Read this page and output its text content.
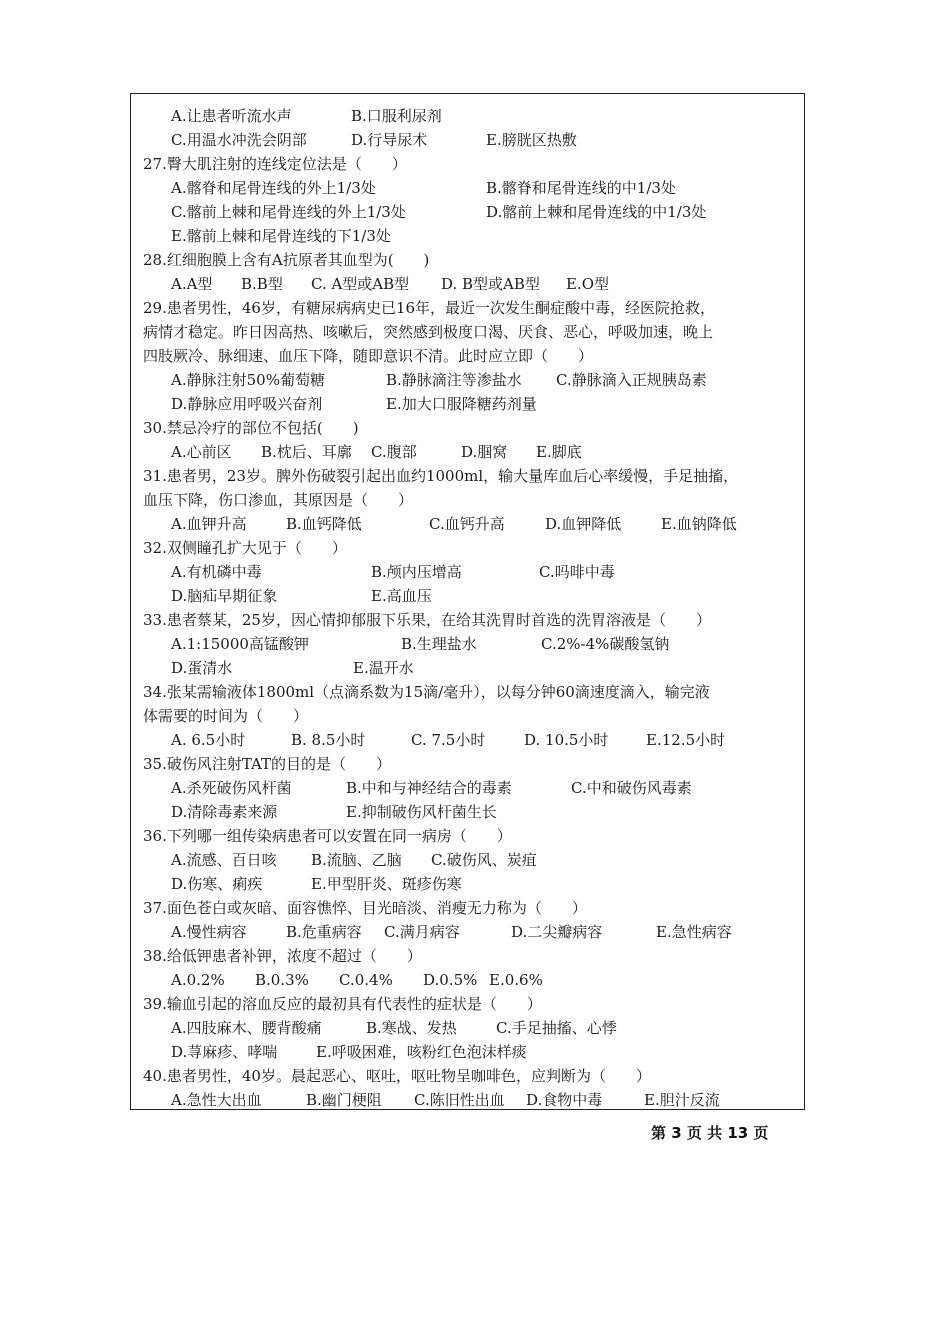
A.让患者听流水声	B.口服利尿剂
C.用温水冲洗会阴部	D.行导尿术	E.膀胱区热敷
27.臀大肌注射的连线定位法是（　　）
A.髂脊和尾骨连线的外上1/3处	B.髂脊和尾骨连线的中1/3处
C.髂前上棘和尾骨连线的外上1/3处	D.髂前上棘和尾骨连线的中1/3处
E.髂前上棘和尾骨连线的下1/3处
28.红细胞膜上含有A抗原者其血型为(　　)
A.A型 B.B型 C. A型或AB型 D. B型或AB型 E.O型
29.患者男性，46岁，有糖尿病病史已16年，最近一次发生酮症酸中毒，经医院抢救，
病情才稳定。昨日因高热、咳嗽后，突然感到极度口渴、厌食、恶心，呼吸加速，晚上
四肢厥冷、脉细速、血压下降，随即意识不清。此时应立即（　　）
A.静脉注射50%葡萄糖	B.静脉滴注等渗盐水 C.静脉滴入正规胰岛素
D.静脉应用呼吸兴奋剂	E.加大口服降糖药剂量
30.禁忌冷疗的部位不包括(　　)
A.心前区 B.枕后、耳廓 C.腹部	D.腘窝 E.脚底
31.患者男，23岁。脾外伤破裂引起出血约1000ml，输大量库血后心率缓慢，手足抽搐，
血压下降，伤口渗血，其原因是（　　）
A.血钾升高	B.血钙降低	C.血钙升高	D.血钾降低	E.血钠降低
32.双侧瞳孔扩大见于（　　）
A.有机磷中毒	B.颅内压增高	C.吗啡中毒
D.脑疝早期征象	E.高血压
33.患者蔡某，25岁，因心情抑郁服下乐果，在给其洗胃时首选的洗胃溶液是（　　）
A.1:15000高锰酸钾	B.生理盐水	C.2%-4%碳酸氢钠
D.蛋清水	E.温开水
34.张某需输液体1800ml（点滴系数为15滴/毫升），以每分钟60滴速度滴入，输完液
体需要的时间为（　　）
A. 6.5小时	B. 8.5小时	C. 7.5小时	D. 10.5小时	E.12.5小时
35.破伤风注射TAT的目的是（　　）
A.杀死破伤风杆菌	B.中和与神经结合的毒素	C.中和破伤风毒素
D.清除毒素来源	E.抑制破伤风杆菌生长
36.下列哪一组传染病患者可以安置在同一病房（　　）
A.流感、百日咳 B.流脑、乙脑 C.破伤风、炭疽
D.伤寒、痢疾	E.甲型肝炎、斑疹伤寒
37.面色苍白或灰暗、面容憔悴、目光暗淡、消瘦无力称为（　　）
A.慢性病容	B.危重病容 C.满月病容	D.二尖瓣病容	E.急性病容
38.给低钾患者补钾，浓度不超过（　　）
A.0.2% B.0.3% C.0.4% D.0.5% E.0.6%
39.输血引起的溶血反应的最初具有代表性的症状是（　　）
A.四肢麻木、腰背酸痛	B.寒战、发热	C.手足抽搐、心悸
D.荨麻疹、哮喘	E.呼吸困难，咳粉红色泡沫样痰
40.患者男性，40岁。晨起恶心、呕吐，呕吐物呈咖啡色，应判断为（　　）
A.急性大出血	B.幽门梗阻 C.陈旧性出血 D.食物中毒	E.胆汁反流
第 3 页 共 13 页
